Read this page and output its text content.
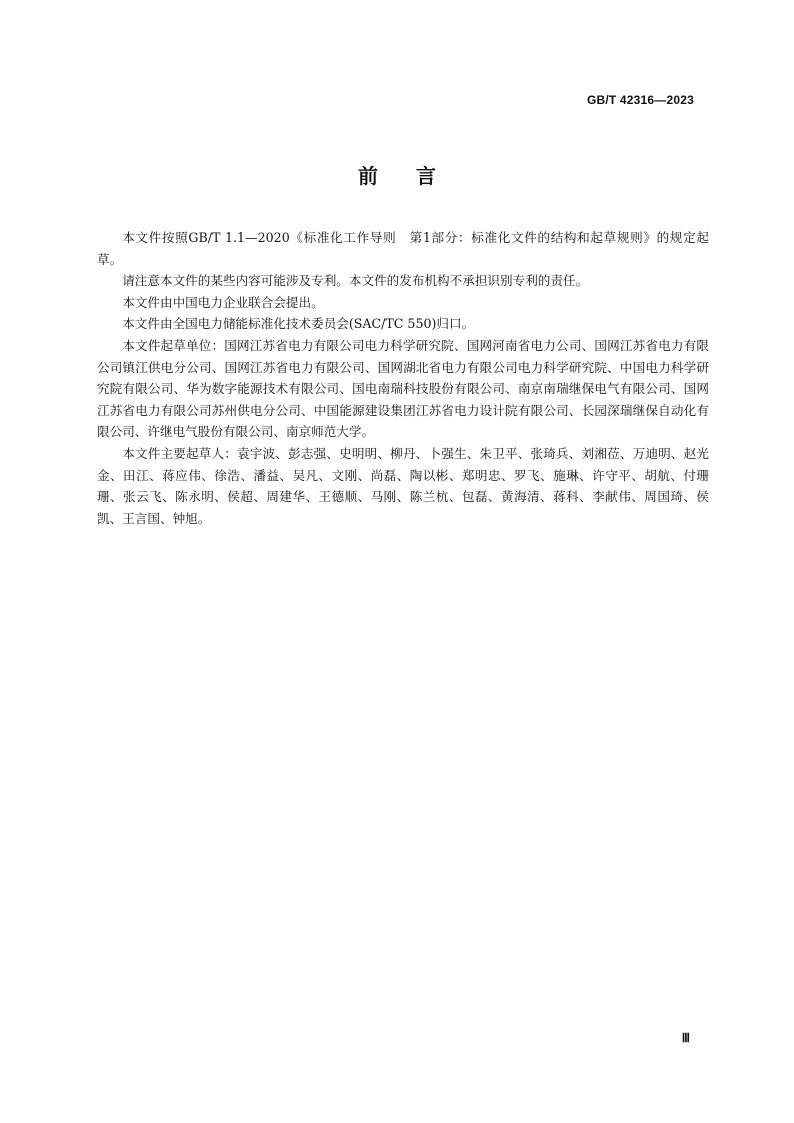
GB/T 42316—2023
前言

本文件按照GB/T 1.1—2020《标准化工作导则　第1部分：标准化文件的结构和起草规则》的规定起草。

请注意本文件的某些内容可能涉及专利。本文件的发布机构不承担识别专利的责任。

本文件由中国电力企业联合会提出。

本文件由全国电力储能标准化技术委员会(SAC/TC 550)归口。

本文件起草单位：国网江苏省电力有限公司电力科学研究院、国网河南省电力公司、国网江苏省电力有限公司镇江供电分公司、国网江苏省电力有限公司、国网湖北省电力有限公司电力科学研究院、中国电力科学研究院有限公司、华为数字能源技术有限公司、国电南瑞科技股份有限公司、南京南瑞继保电气有限公司、国网江苏省电力有限公司苏州供电分公司、中国能源建设集团江苏省电力设计院有限公司、长园深瑞继保自动化有限公司、许继电气股份有限公司、南京师范大学。

本文件主要起草人：袁宇波、彭志强、史明明、柳丹、卜强生、朱卫平、张琦兵、刘湘莅、万迪明、赵光金、田江、蒋应伟、徐浩、潘益、吴凡、文刚、尚磊、陶以彬、郑明忠、罗飞、施琳、许守平、胡航、付珊珊、张云飞、陈永明、侯超、周建华、王德顺、马刚、陈兰杭、包磊、黄海清、蒋科、李献伟、周国琦、侯凯、王言国、钟旭。

Ⅲ
